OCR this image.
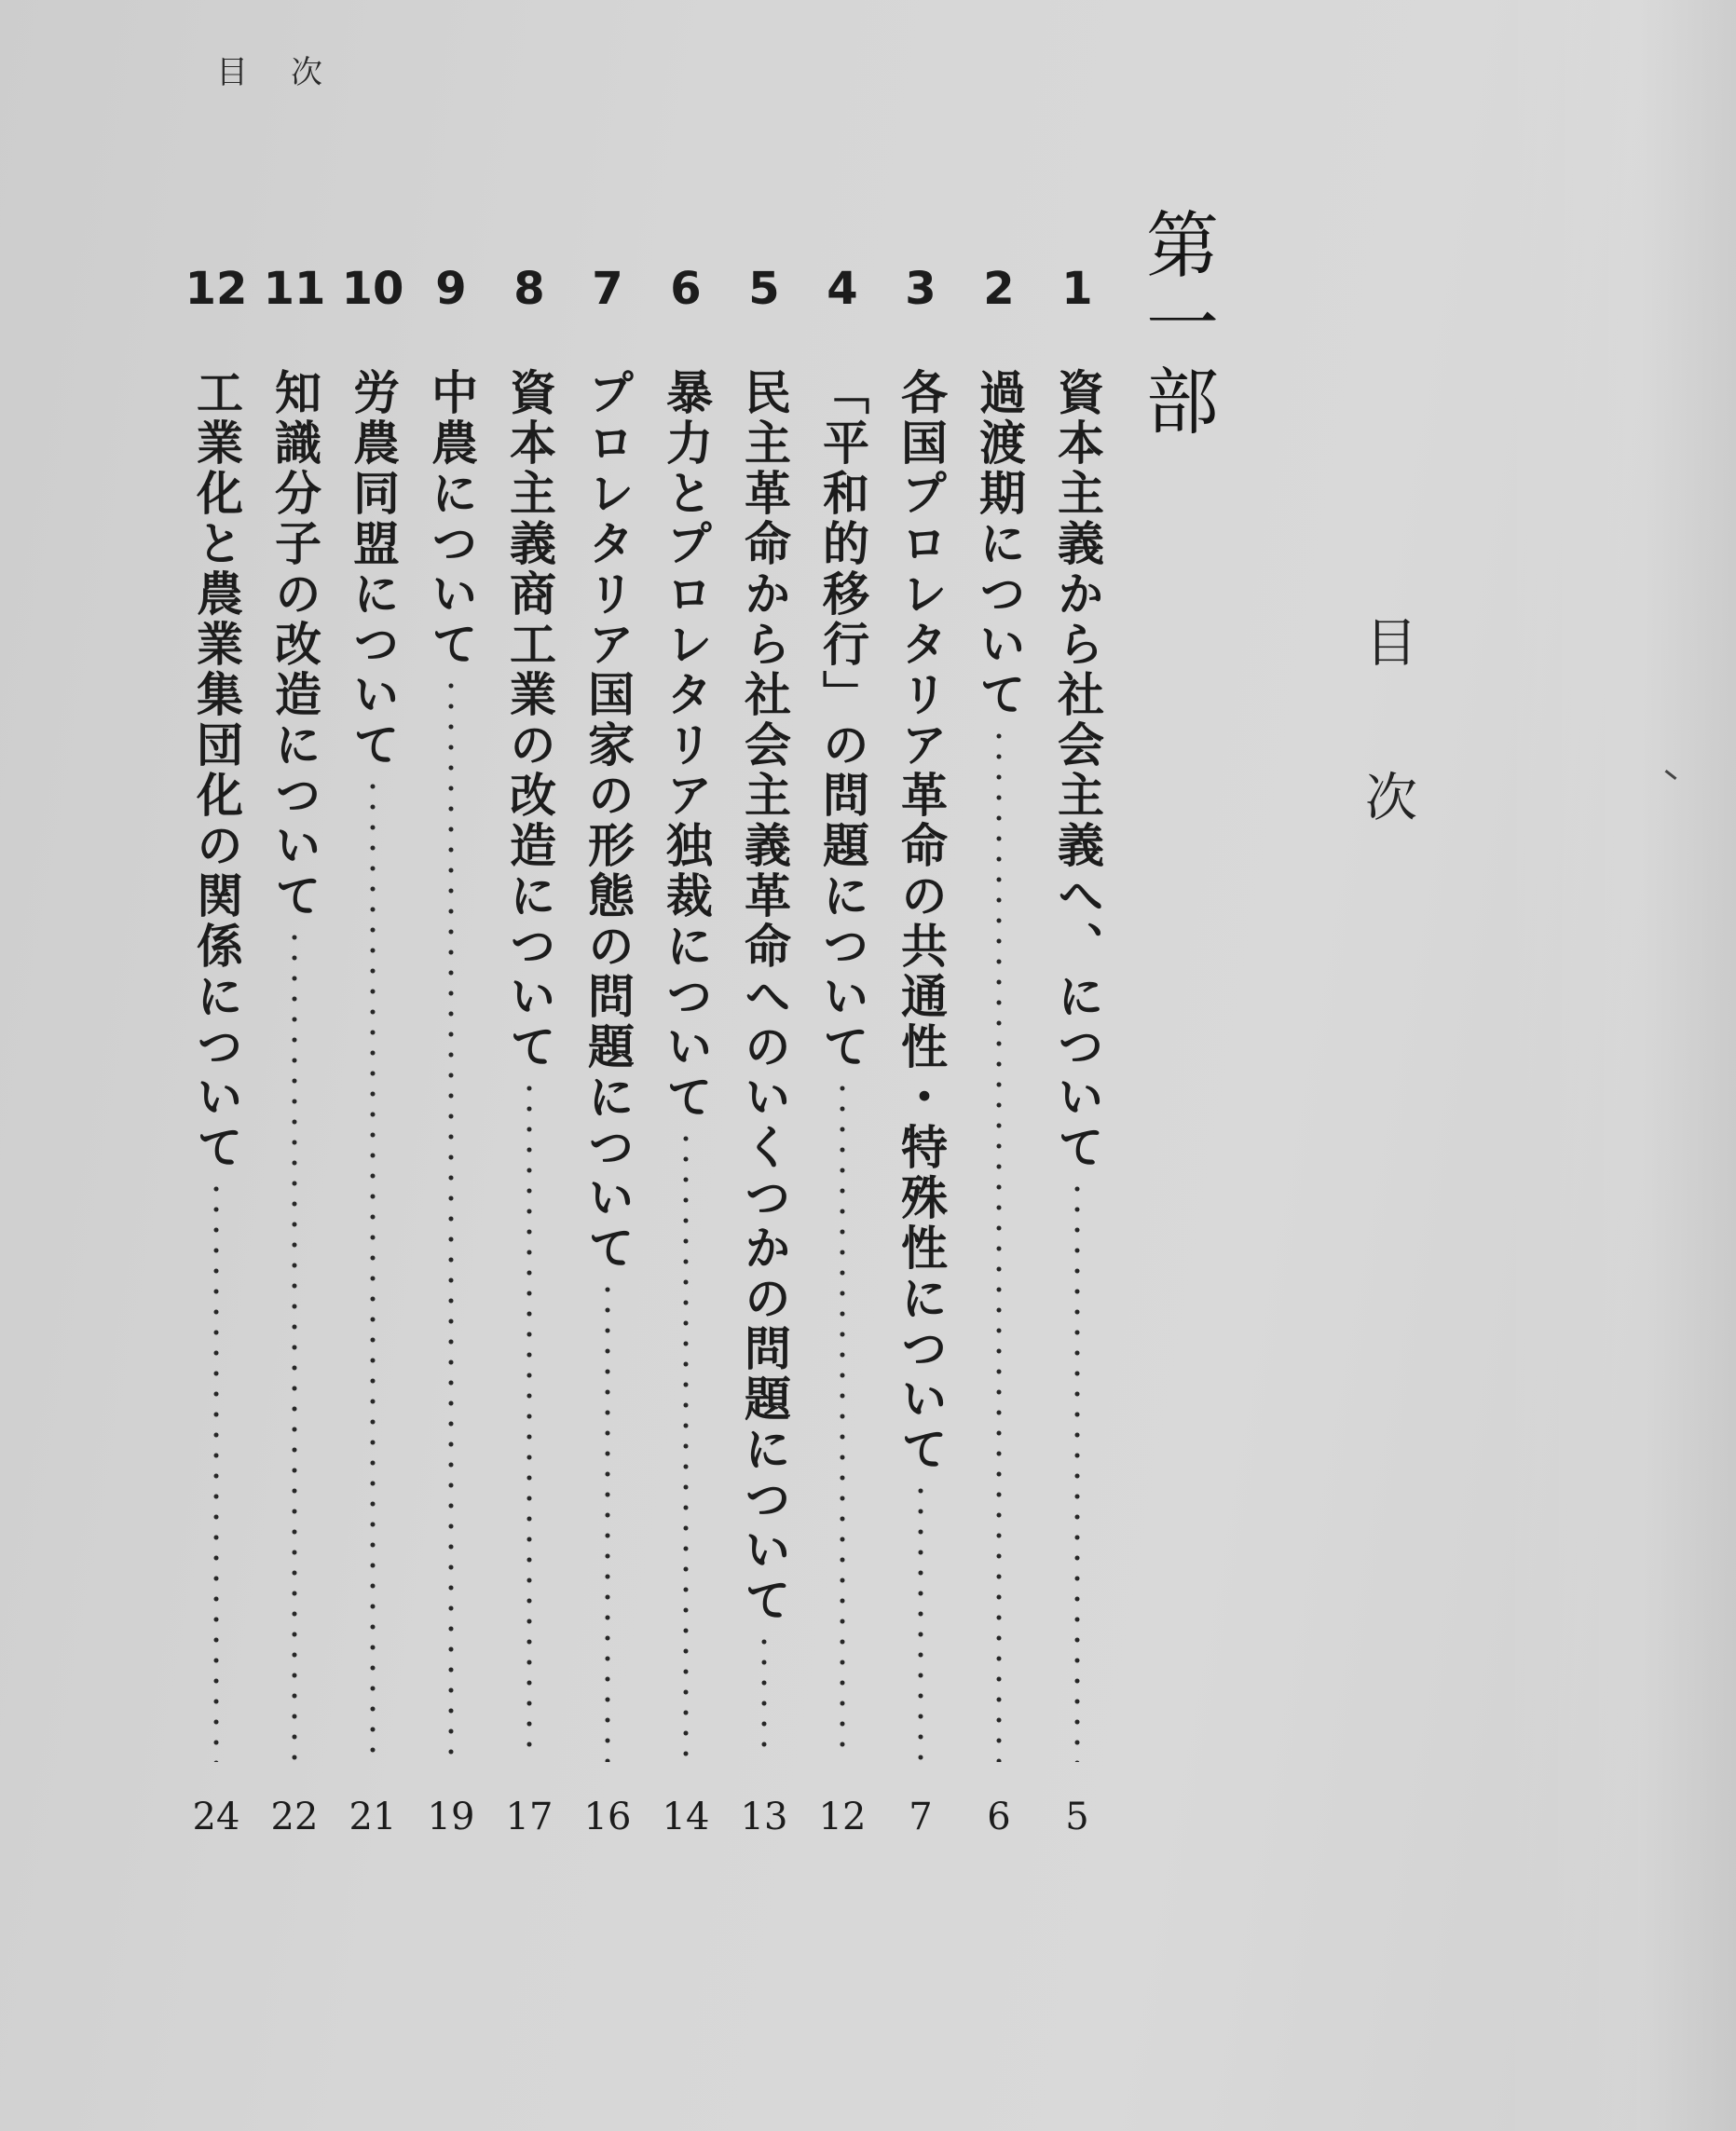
目次
目次
第一部
1
資本主義から社会主義へ、について
5
2
過渡期について
6
3
各国プロレタリア革命の共通性・特殊性について
7
4
「平和的移行」の問題について
12
5
民主革命から社会主義革命へのいくつかの問題について
13
6
暴力とプロレタリア独裁について
14
7
プロレタリア国家の形態の問題について
16
8
資本主義商工業の改造について
17
9
中農について
19
10
労農同盟について
21
11
知識分子の改造について
22
12
工業化と農業集団化の関係について
24
